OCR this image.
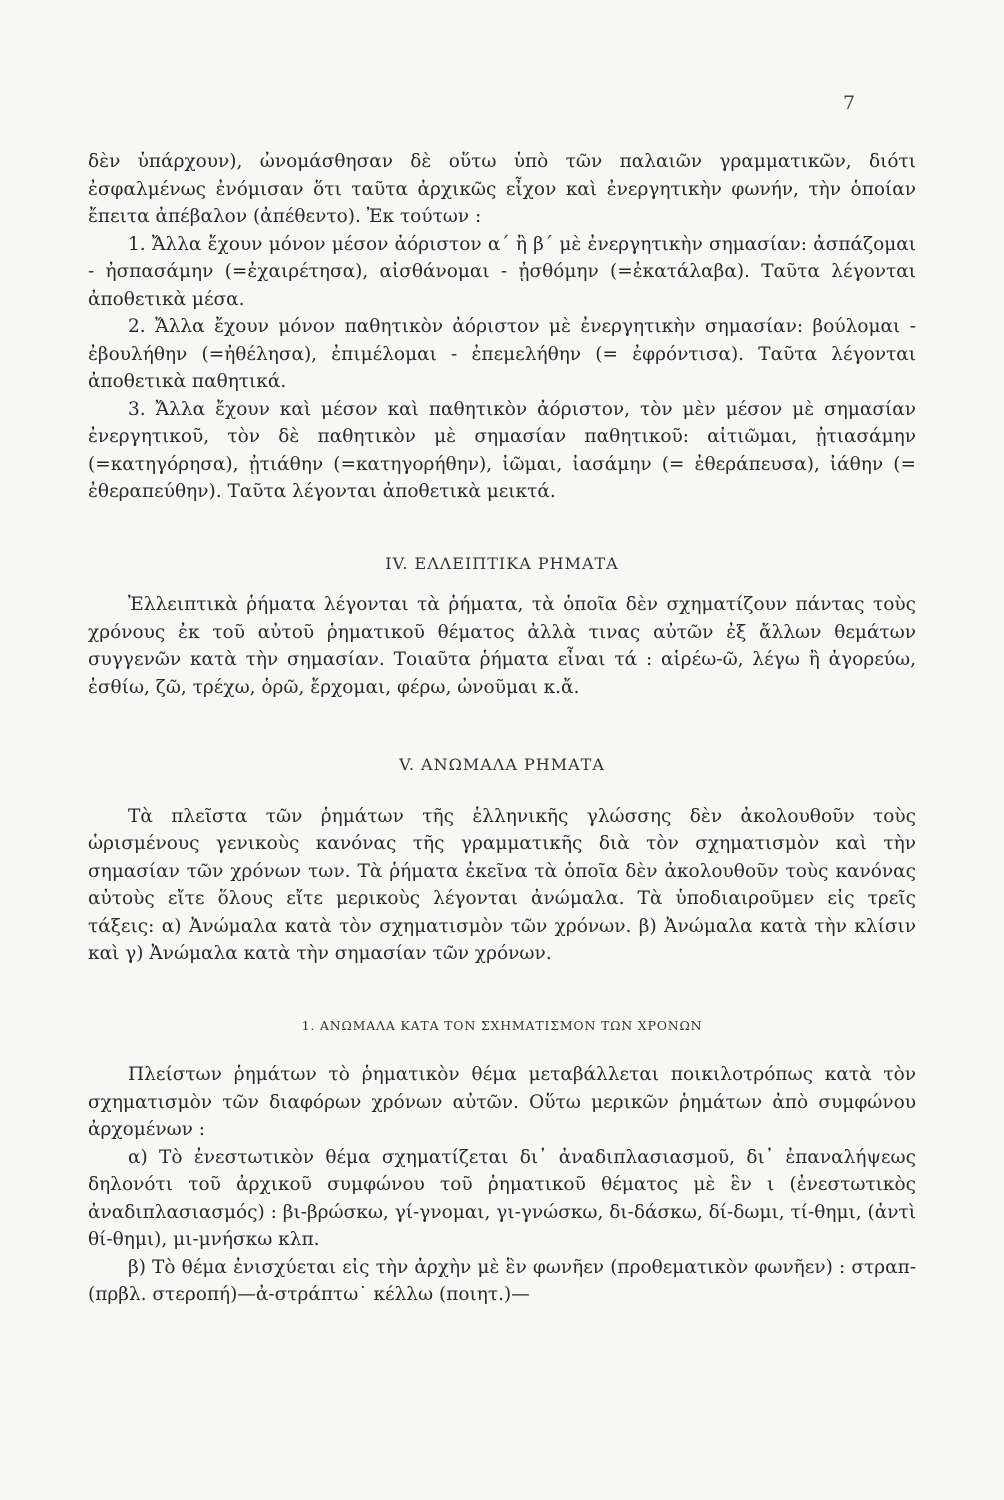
7

δὲν ὑπάρχουν), ὠνομάσθησαν δὲ οὕτω ὑπὸ τῶν παλαιῶν γραμματικῶν, διότι ἐσφαλμένως ἐνόμισαν ὅτι ταῦτα ἀρχικῶς εἶχον καὶ ἐνεργητικὴν φωνήν, τὴν ὁποίαν ἔπειτα ἀπέβαλον (ἀπέθεντο). Ἐκ τούτων :

1. Ἄλλα ἔχουν μόνον μέσον ἀόριστον α΄ ἢ β΄ μὲ ἐνεργητικὴν σημασίαν: ἀσπάζομαι - ἠσπασάμην (=ἐχαιρέτησα), αἰσθάνομαι - ᾐσθόμην (=ἐκατάλαβα). Ταῦτα λέγονται ἀποθετικὰ μέσα.

2. Ἄλλα ἔχουν μόνον παθητικὸν ἀόριστον μὲ ἐνεργητικὴν σημασίαν: βούλομαι - ἐβουλήθην (=ἠθέλησα), ἐπιμέλομαι - ἐπεμελήθην (= ἐφρόντισα). Ταῦτα λέγονται ἀποθετικὰ παθητικά.

3. Ἄλλα ἔχουν καὶ μέσον καὶ παθητικὸν ἀόριστον, τὸν μὲν μέσον μὲ σημασίαν ἐνεργητικοῦ, τὸν δὲ παθητικὸν μὲ σημασίαν παθητικοῦ: αἰτιῶμαι, ᾐτιασάμην (=κατηγόρησα), ᾐτιάθην (=κατηγορήθην), ἰῶμαι, ἰασάμην (= ἐθεράπευσα), ἰάθην (= ἐθεραπεύθην). Ταῦτα λέγονται ἀποθετικὰ μεικτά.

IV. ΕΛΛΕΙΠΤΙΚΑ ΡΗΜΑΤΑ

Ἐλλειπτικὰ ῥήματα λέγονται τὰ ῥήματα, τὰ ὁποῖα δὲν σχηματίζουν πάντας τοὺς χρόνους ἐκ τοῦ αὐτοῦ ῥηματικοῦ θέματος ἀλλὰ τινας αὐτῶν ἐξ ἄλλων θεμάτων συγγενῶν κατὰ τὴν σημασίαν. Τοιαῦτα ῥήματα εἶναι τά : αἱρέω-ῶ, λέγω ἢ ἀγορεύω, ἐσθίω, ζῶ, τρέχω, ὁρῶ, ἔρχομαι, φέρω, ὠνοῦμαι κ.ἄ.

V. ΑΝΩΜΑΛΑ ΡΗΜΑΤΑ

Τὰ πλεῖστα τῶν ῥημάτων τῆς ἑλληνικῆς γλώσσης δὲν ἀκολουθοῦν τοὺς ὡρισμένους γενικοὺς κανόνας τῆς γραμματικῆς διὰ τὸν σχηματισμὸν καὶ τὴν σημασίαν τῶν χρόνων των. Τὰ ῥήματα ἐκεῖνα τὰ ὁποῖα δὲν ἀκολουθοῦν τοὺς κανόνας αὐτοὺς εἴτε ὅλους εἴτε μερικοὺς λέγονται ἀνώμαλα. Τὰ ὑποδιαιροῦμεν εἰς τρεῖς τάξεις: α) Ἀνώμαλα κατὰ τὸν σχηματισμὸν τῶν χρόνων. β) Ἀνώμαλα κατὰ τὴν κλίσιν καὶ γ) Ἀνώμαλα κατὰ τὴν σημασίαν τῶν χρόνων.

1. ΑΝΩΜΑΛΑ ΚΑΤΑ ΤΟΝ ΣΧΗΜΑΤΙΣΜΟΝ ΤΩΝ ΧΡΟΝΩΝ

Πλείστων ῥημάτων τὸ ῥηματικὸν θέμα μεταβάλλεται ποικιλοτρόπως κατὰ τὸν σχηματισμὸν τῶν διαφόρων χρόνων αὐτῶν. Οὕτω μερικῶν ῥημάτων ἀπὸ συμφώνου ἀρχομένων :

α) Τὸ ἐνεστωτικὸν θέμα σχηματίζεται δι᾽ ἀναδιπλασιασμοῦ, δι᾽ ἐπαναλήψεως δηλονότι τοῦ ἀρχικοῦ συμφώνου τοῦ ῥηματικοῦ θέματος μὲ ἓν ι (ἐνεστωτικὸς ἀναδιπλασιασμός) : βι-βρώσκω, γί-γνομαι, γι-γνώσκω, δι-δάσκω, δί-δωμι, τί-θημι, (ἀντὶ θί-θημι), μι-μνήσκω κλπ.

β) Τὸ θέμα ἐνισχύεται εἰς τὴν ἀρχὴν μὲ ἓν φωνῆεν (προθεματικὸν φωνῆεν) : στραπ- (πρβλ. στεροπή)—ἀ-στράπτω˙ κέλλω (ποιητ.)—
